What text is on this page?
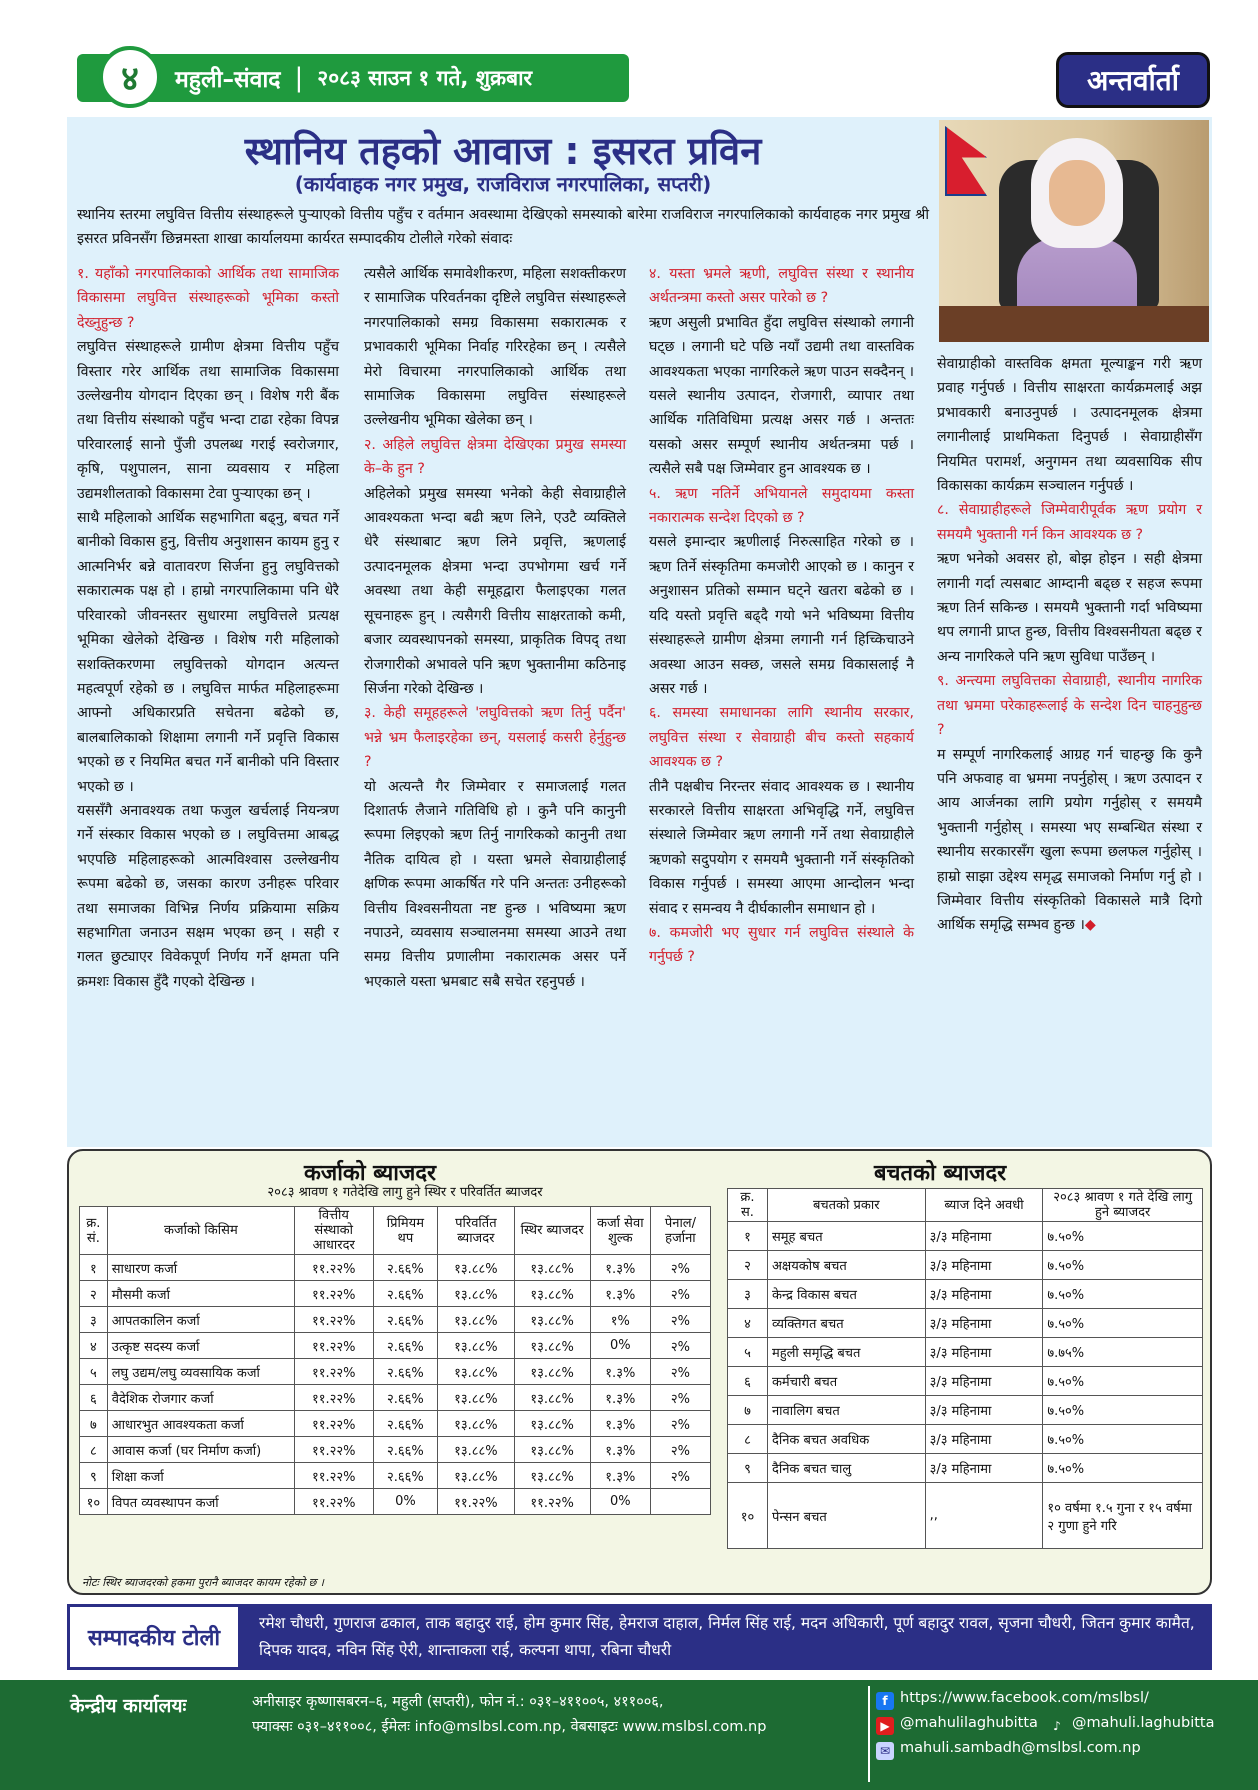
४	महुली–संवाद | २०८३ साउन १ गते, शुक्रबार	अन्तर्वार्ता
स्थानिय तहको आवाज : इसरत प्रविन
(कार्यवाहक नगर प्रमुख, राजविराज नगरपालिका, सप्तरी)
स्थानिय स्तरमा लघुवित्त वित्तीय संस्थाहरूले पुऱ्याएको वित्तीय पहुँच र वर्तमान अवस्थामा देखिएको समस्याको बारेमा राजविराज नगरपालिकाको कार्यवाहक नगर प्रमुख श्री इसरत प्रविनसँग छिन्नमस्ता शाखा कार्यालयमा कार्यरत सम्पादकीय टोलीले गरेको संवादः

१. यहाँको नगरपालिकाको आर्थिक तथा सामाजिक विकासमा लघुवित्त संस्थाहरूको भूमिका कस्तो देख्नुहुन्छ ?

लघुवित्त संस्थाहरूले ग्रामीण क्षेत्रमा वित्तीय पहुँच विस्तार गरेर आर्थिक तथा सामाजिक विकासमा उल्लेखनीय योगदान दिएका छन् । विशेष गरी बैंक तथा वित्तीय संस्थाको पहुँच भन्दा टाढा रहेका विपन्न परिवारलाई सानो पुँजी उपलब्ध गराई स्वरोजगार, कृषि, पशुपालन, साना व्यवसाय र महिला उद्यमशीलताको विकासमा टेवा पुऱ्याएका छन् ।

साथै महिलाको आर्थिक सहभागिता बढ्नु, बचत गर्ने बानीको विकास हुनु, वित्तीय अनुशासन कायम हुनु र आत्मनिर्भर बन्ने वातावरण सिर्जना हुनु लघुवित्तको सकारात्मक पक्ष हो । हाम्रो नगरपालिकामा पनि धेरै परिवारको जीवनस्तर सुधारमा लघुवित्तले प्रत्यक्ष भूमिका खेलेको देखिन्छ । विशेष गरी महिलाको सशक्तिकरणमा लघुवित्तको योगदान अत्यन्त महत्वपूर्ण रहेको छ । लघुवित्त मार्फत महिलाहरूमा आफ्नो अधिकारप्रति सचेतना बढेको छ, बालबालिकाको शिक्षामा लगानी गर्ने प्रवृत्ति विकास भएको छ र नियमित बचत गर्ने बानीको पनि विस्तार भएको छ ।

यससँगै अनावश्यक तथा फजुल खर्चलाई नियन्त्रण गर्ने संस्कार विकास भएको छ । लघुवित्तमा आबद्ध भएपछि महिलाहरूको आत्मविश्वास उल्लेखनीय रूपमा बढेको छ, जसका कारण उनीहरू परिवार तथा समाजका विभिन्न निर्णय प्रक्रियामा सक्रिय सहभागिता जनाउन सक्षम भएका छन् । सही र गलत छुट्याएर विवेकपूर्ण निर्णय गर्ने क्षमता पनि क्रमशः विकास हुँदै गएको देखिन्छ ।

त्यसैले आर्थिक समावेशीकरण, महिला सशक्तीकरण र सामाजिक परिवर्तनका दृष्टिले लघुवित्त संस्थाहरूले नगरपालिकाको समग्र विकासमा सकारात्मक र प्रभावकारी भूमिका निर्वाह गरिरहेका छन् । त्यसैले मेरो विचारमा नगरपालिकाको आर्थिक तथा सामाजिक विकासमा लघुवित्त संस्थाहरूले उल्लेखनीय भूमिका खेलेका छन् ।

२. अहिले लघुवित्त क्षेत्रमा देखिएका प्रमुख समस्या के–के हुन ?

अहिलेको प्रमुख समस्या भनेको केही सेवाग्राहीले आवश्यकता भन्दा बढी ऋण लिने, एउटै व्यक्तिले धेरै संस्थाबाट ऋण लिने प्रवृत्ति, ऋणलाई उत्पादनमूलक क्षेत्रमा भन्दा उपभोगमा खर्च गर्ने अवस्था तथा केही समूहद्वारा फैलाइएका गलत सूचनाहरू हुन् । त्यसैगरी वित्तीय साक्षरताको कमी, बजार व्यवस्थापनको समस्या, प्राकृतिक विपद् तथा रोजगारीको अभावले पनि ऋण भुक्तानीमा कठिनाइ सिर्जना गरेको देखिन्छ ।

३. केही समूहहरूले 'लघुवित्तको ऋण तिर्नु पर्दैन' भन्ने भ्रम फैलाइरहेका छन्, यसलाई कसरी हेर्नुहुन्छ ?

यो अत्यन्तै गैर जिम्मेवार र समाजलाई गलत दिशातर्फ लैजाने गतिविधि हो । कुनै पनि कानुनी रूपमा लिइएको ऋण तिर्नु नागरिकको कानुनी तथा नैतिक दायित्व हो । यस्ता भ्रमले सेवाग्राहीलाई क्षणिक रूपमा आकर्षित गरे पनि अन्ततः उनीहरूको वित्तीय विश्वसनीयता नष्ट हुन्छ । भविष्यमा ऋण नपाउने, व्यवसाय सञ्चालनमा समस्या आउने तथा समग्र वित्तीय प्रणालीमा नकारात्मक असर पर्ने भएकाले यस्ता भ्रमबाट सबै सचेत रहनुपर्छ ।

४. यस्ता भ्रमले ऋणी, लघुवित्त संस्था र स्थानीय अर्थतन्त्रमा कस्तो असर पारेको छ ?

ऋण असुली प्रभावित हुँदा लघुवित्त संस्थाको लगानी घट्छ । लगानी घटे पछि नयाँ उद्यमी तथा वास्तविक आवश्यकता भएका नागरिकले ऋण पाउन सक्दैनन् । यसले स्थानीय उत्पादन, रोजगारी, व्यापार तथा आर्थिक गतिविधिमा प्रत्यक्ष असर गर्छ । अन्ततः यसको असर सम्पूर्ण स्थानीय अर्थतन्त्रमा पर्छ । त्यसैले सबै पक्ष जिम्मेवार हुन आवश्यक छ ।

५. ऋण नतिर्ने अभियानले समुदायमा कस्ता नकारात्मक सन्देश दिएको छ ?

यसले इमान्दार ऋणीलाई निरुत्साहित गरेको छ । ऋण तिर्ने संस्कृतिमा कमजोरी आएको छ । कानुन र अनुशासन प्रतिको सम्मान घट्ने खतरा बढेको छ । यदि यस्तो प्रवृत्ति बढ्दै गयो भने भविष्यमा वित्तीय संस्थाहरूले ग्रामीण क्षेत्रमा लगानी गर्न हिच्किचाउने अवस्था आउन सक्छ, जसले समग्र विकासलाई नै असर गर्छ ।

६. समस्या समाधानका लागि स्थानीय सरकार, लघुवित्त संस्था र सेवाग्राही बीच कस्तो सहकार्य आवश्यक छ ?

तीनै पक्षबीच निरन्तर संवाद आवश्यक छ । स्थानीय सरकारले वित्तीय साक्षरता अभिवृद्धि गर्ने, लघुवित्त संस्थाले जिम्मेवार ऋण लगानी गर्ने तथा सेवाग्राहीले ऋणको सदुपयोग र समयमै भुक्तानी गर्ने संस्कृतिको विकास गर्नुपर्छ । समस्या आएमा आन्दोलन भन्दा संवाद र समन्वय नै दीर्घकालीन समाधान हो ।

७. कमजोरी भए सुधार गर्न लघुवित्त संस्थाले के गर्नुपर्छ ?

सेवाग्राहीको वास्तविक क्षमता मूल्याङ्कन गरी ऋण प्रवाह गर्नुपर्छ । वित्तीय साक्षरता कार्यक्रमलाई अझ प्रभावकारी बनाउनुपर्छ । उत्पादनमूलक क्षेत्रमा लगानीलाई प्राथमिकता दिनुपर्छ । सेवाग्राहीसँग नियमित परामर्श, अनुगमन तथा व्यवसायिक सीप विकासका कार्यक्रम सञ्चालन गर्नुपर्छ ।

८. सेवाग्राहीहरूले जिम्मेवारीपूर्वक ऋण प्रयोग र समयमै भुक्तानी गर्न किन आवश्यक छ ?

ऋण भनेको अवसर हो, बोझ होइन । सही क्षेत्रमा लगानी गर्दा त्यसबाट आम्दानी बढ्छ र सहज रूपमा ऋण तिर्न सकिन्छ । समयमै भुक्तानी गर्दा भविष्यमा थप लगानी प्राप्त हुन्छ, वित्तीय विश्वसनीयता बढ्छ र अन्य नागरिकले पनि ऋण सुविधा पाउँछन् ।

९. अन्त्यमा लघुवित्तका सेवाग्राही, स्थानीय नागरिक तथा भ्रममा परेकाहरूलाई के सन्देश दिन चाहनुहुन्छ ?

म सम्पूर्ण नागरिकलाई आग्रह गर्न चाहन्छु कि कुनै पनि अफवाह वा भ्रममा नपर्नुहोस् । ऋण उत्पादन र आय आर्जनका लागि प्रयोग गर्नुहोस् र समयमै भुक्तानी गर्नुहोस् । समस्या भए सम्बन्धित संस्था र स्थानीय सरकारसँग खुला रूपमा छलफल गर्नुहोस् । हाम्रो साझा उद्देश्य समृद्ध समाजको निर्माण गर्नु हो । जिम्मेवार वित्तीय संस्कृतिको विकासले मात्रै दिगो आर्थिक समृद्धि सम्भव हुन्छ ।◆

कर्जाको ब्याजदर	बचतको ब्याजदर
२०८३ श्रावण १ गतेदेखि लागु हुने स्थिर र परिवर्तित ब्याजदर
क्र. सं.	कर्जाको किसिम	वित्तीय संस्थाको आधारदर	प्रिमियम थप	परिवर्तित ब्याजदर	स्थिर ब्याजदर	कर्जा सेवा शुल्क	पेनाल/ हर्जाना
१	साधारण कर्जा	११.२२%	२.६६%	१३.८८%	१३.८८%	१.३%	२%
२	मौसमी कर्जा	११.२२%	२.६६%	१३.८८%	१३.८८%	१.३%	२%
३	आपतकालिन कर्जा	११.२२%	२.६६%	१३.८८%	१३.८८%	१%	२%
४	उत्कृष्ट सदस्य कर्जा	११.२२%	२.६६%	१३.८८%	१३.८८%	0%	२%
५	लघु उद्यम/लघु व्यवसायिक कर्जा	११.२२%	२.६६%	१३.८८%	१३.८८%	१.३%	२%
६	वैदेशिक रोजगार कर्जा	११.२२%	२.६६%	१३.८८%	१३.८८%	१.३%	२%
७	आधारभुत आवश्यकता कर्जा	११.२२%	२.६६%	१३.८८%	१३.८८%	१.३%	२%
८	आवास कर्जा (घर निर्माण कर्जा)	११.२२%	२.६६%	१३.८८%	१३.८८%	१.३%	२%
९	शिक्षा कर्जा	११.२२%	२.६६%	१३.८८%	१३.८८%	१.३%	२%
१०	विपत व्यवस्थापन कर्जा	११.२२%	0%	११.२२%	११.२२%	0%	
नोटः स्थिर ब्याजदरको हकमा पुरानै ब्याजदर कायम रहेको छ ।
क्र. स.	बचतको प्रकार	ब्याज दिने अवधी	२०८३ श्रावण १ गते देखि लागु हुने ब्याजदर
१	समूह बचत	३/३ महिनामा	७.५०%
२	अक्षयकोष बचत	३/३ महिनामा	७.५०%
३	केन्द्र विकास बचत	३/३ महिनामा	७.५०%
४	व्यक्तिगत बचत	३/३ महिनामा	७.५०%
५	महुली समृद्धि बचत	३/३ महिनामा	७.७५%
६	कर्मचारी बचत	३/३ महिनामा	७.५०%
७	नावालिग बचत	३/३ महिनामा	७.५०%
८	दैनिक बचत अवधिक	३/३ महिनामा	७.५०%
९	दैनिक बचत चालु	३/३ महिनामा	७.५०%
१०	पेन्सन बचत	,,	१० वर्षमा १.५ गुना र १५ वर्षमा २ गुणा हुने गरि
सम्पादकीय टोली
रमेश चौधरी, गुणराज ढकाल, ताक बहादुर राई, होम कुमार सिंह, हेमराज दाहाल, निर्मल सिंह राई, मदन अधिकारी, पूर्ण बहादुर रावल, सृजना चौधरी, जितन कुमार कामैत, दिपक यादव, नविन सिंह ऐरी, शान्ताकला राई, कल्पना थापा, रबिना चौधरी
केन्द्रीय कार्यालयः	अनीसाइर कृष्णासबरन–६, महुली (सप्तरी), फोन नं.: ०३१–४११००५, ४११००६,
फ्याक्सः ०३१–४११००८, ईमेलः info@mslbsl.com.np, वेबसाइटः www.mslbsl.com.np
f https://www.facebook.com/mslbsl/
▶ @mahulilaghubitta ♪ @mahuli.laghubitta
✉ mahuli.sambadh@mslbsl.com.np
